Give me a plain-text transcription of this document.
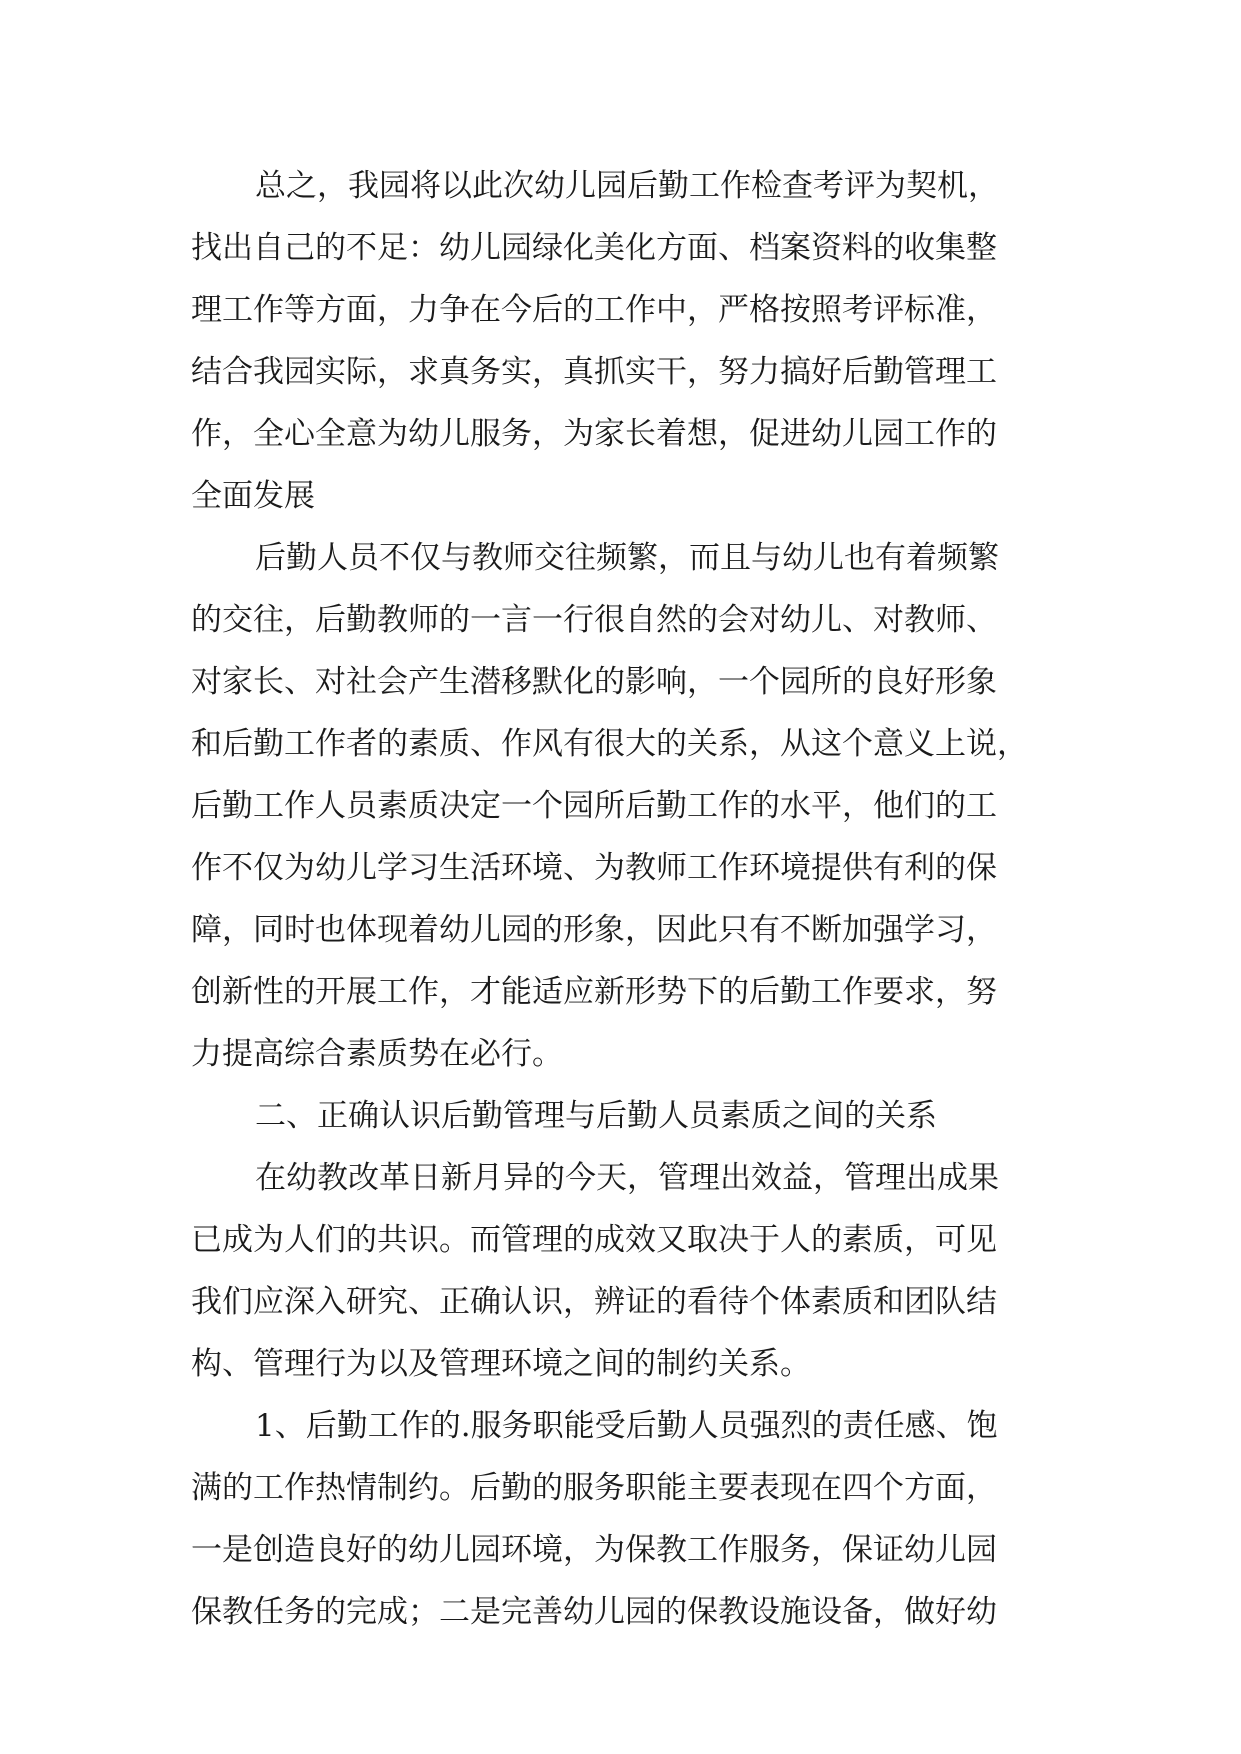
总之，我园将以此次幼儿园后勤工作检查考评为契机，

找出自己的不足：幼儿园绿化美化方面、档案资料的收集整

理工作等方面，力争在今后的工作中，严格按照考评标准，

结合我园实际，求真务实，真抓实干，努力搞好后勤管理工

作，全心全意为幼儿服务，为家长着想，促进幼儿园工作的

全面发展

后勤人员不仅与教师交往频繁，而且与幼儿也有着频繁

的交往，后勤教师的一言一行很自然的会对幼儿、对教师、

对家长、对社会产生潜移默化的影响，一个园所的良好形象

和后勤工作者的素质、作风有很大的关系，从这个意义上说，

后勤工作人员素质决定一个园所后勤工作的水平，他们的工

作不仅为幼儿学习生活环境、为教师工作环境提供有利的保

障，同时也体现着幼儿园的形象，因此只有不断加强学习，

创新性的开展工作，才能适应新形势下的后勤工作要求，努

力提高综合素质势在必行。

二、正确认识后勤管理与后勤人员素质之间的关系

在幼教改革日新月异的今天，管理出效益，管理出成果

已成为人们的共识。而管理的成效又取决于人的素质，可见

我们应深入研究、正确认识，辨证的看待个体素质和团队结

构、管理行为以及管理环境之间的制约关系。

1、后勤工作的.服务职能受后勤人员强烈的责任感、饱

满的工作热情制约。后勤的服务职能主要表现在四个方面，

一是创造良好的幼儿园环境，为保教工作服务，保证幼儿园

保教任务的完成；二是完善幼儿园的保教设施设备，做好幼
